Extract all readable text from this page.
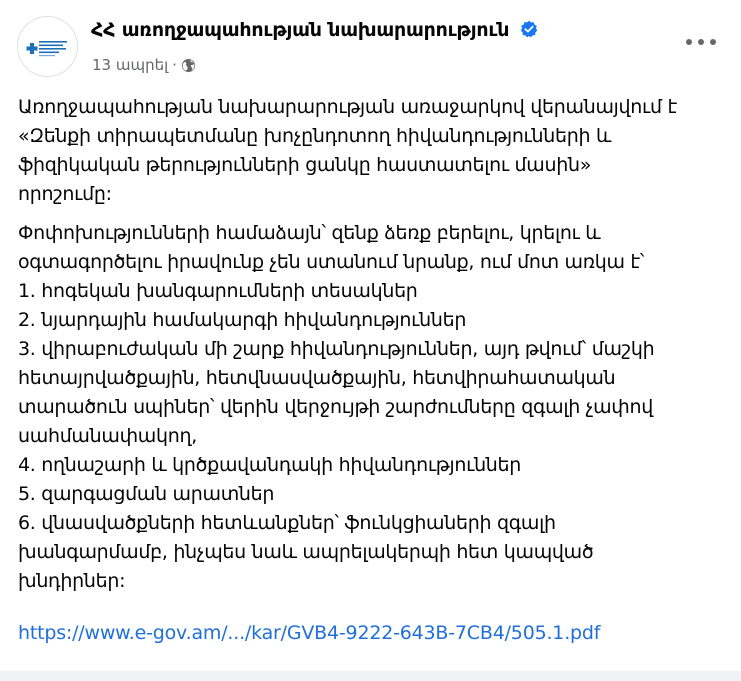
ՀՀ առողջապահության նախարարություն
13 ապրել ·

Առողջապահության նախարարության առաջարկով վերանայվում է
«Զենքի տիրապետմանը խոչընդոտող հիվանդությունների և
ֆիզիկական թերությունների ցանկը հաստատելու մասին»
որոշումը:

Փոփոխությունների համաձայն՝ զենք ձեռք բերելու, կրելու և
օգտագործելու իրավունք չեն ստանում նրանք, ում մոտ առկա է՝
1. հոգեկան խանգարումների տեսակներ
2. նյարդային համակարգի հիվանդություններ
3. վիրաբուժական մի շարք հիվանդություններ, այդ թվում՝ մաշկի
հետայրվածքային, հետվնասվածքային, հետվիրահատական
տարածուն սպիներ՝ վերին վերջույթի շարժումները զգալի չափով
սահմանափակող,
4. ողնաշարի և կրծքավանդակի հիվանդություններ
5. զարգացման արատներ
6. վնասվածքների հետևանքներ՝ ֆունկցիաների զգալի
խանգարմամբ, ինչպես նաև ապրելակերպի հետ կապված
խնդիրներ:

https://www.e-gov.am/.../kar/GVB4-9222-643B-7CB4/505.1.pdf
